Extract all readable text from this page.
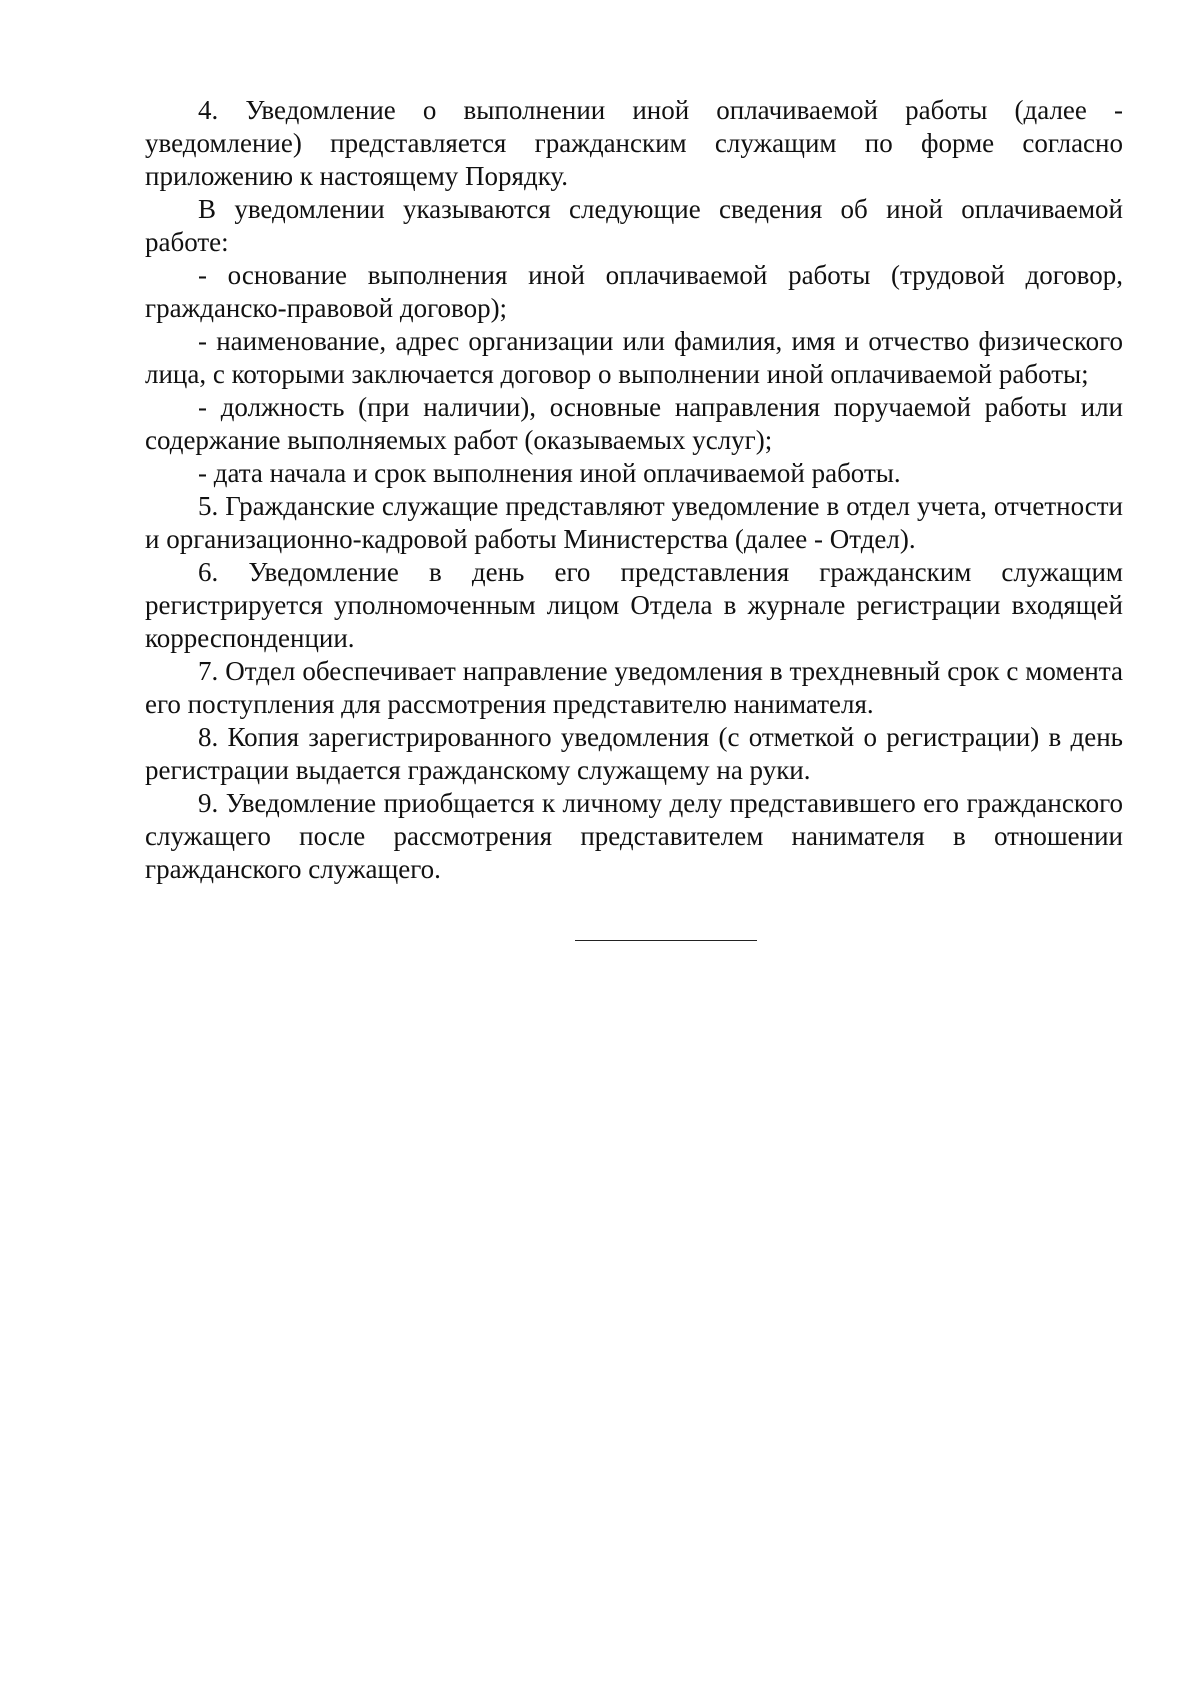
4. Уведомление о выполнении иной оплачиваемой работы (далее - уведомление) представляется гражданским служащим по форме согласно приложению к настоящему Порядку.

В уведомлении указываются следующие сведения об иной оплачиваемой работе:

- основание выполнения иной оплачиваемой работы (трудовой договор, гражданско-правовой договор);

- наименование, адрес организации или фамилия, имя и отчество физического лица, с которыми заключается договор о выполнении иной оплачиваемой работы;

- должность (при наличии), основные направления поручаемой работы или содержание выполняемых работ (оказываемых услуг);

- дата начала и срок выполнения иной оплачиваемой работы.

5. Гражданские служащие представляют уведомление в отдел учета, отчетности и организационно-кадровой работы Министерства (далее - Отдел).

6. Уведомление в день его представления гражданским служащим регистрируется уполномоченным лицом Отдела в журнале регистрации входящей корреспонденции.

7. Отдел обеспечивает направление уведомления в трехдневный срок с момента его поступления для рассмотрения представителю нанимателя.

8. Копия зарегистрированного уведомления (с отметкой о регистрации) в день регистрации выдается гражданскому служащему на руки.

9. Уведомление приобщается к личному делу представившего его гражданского служащего после рассмотрения представителем нанимателя в отношении гражданского служащего.
